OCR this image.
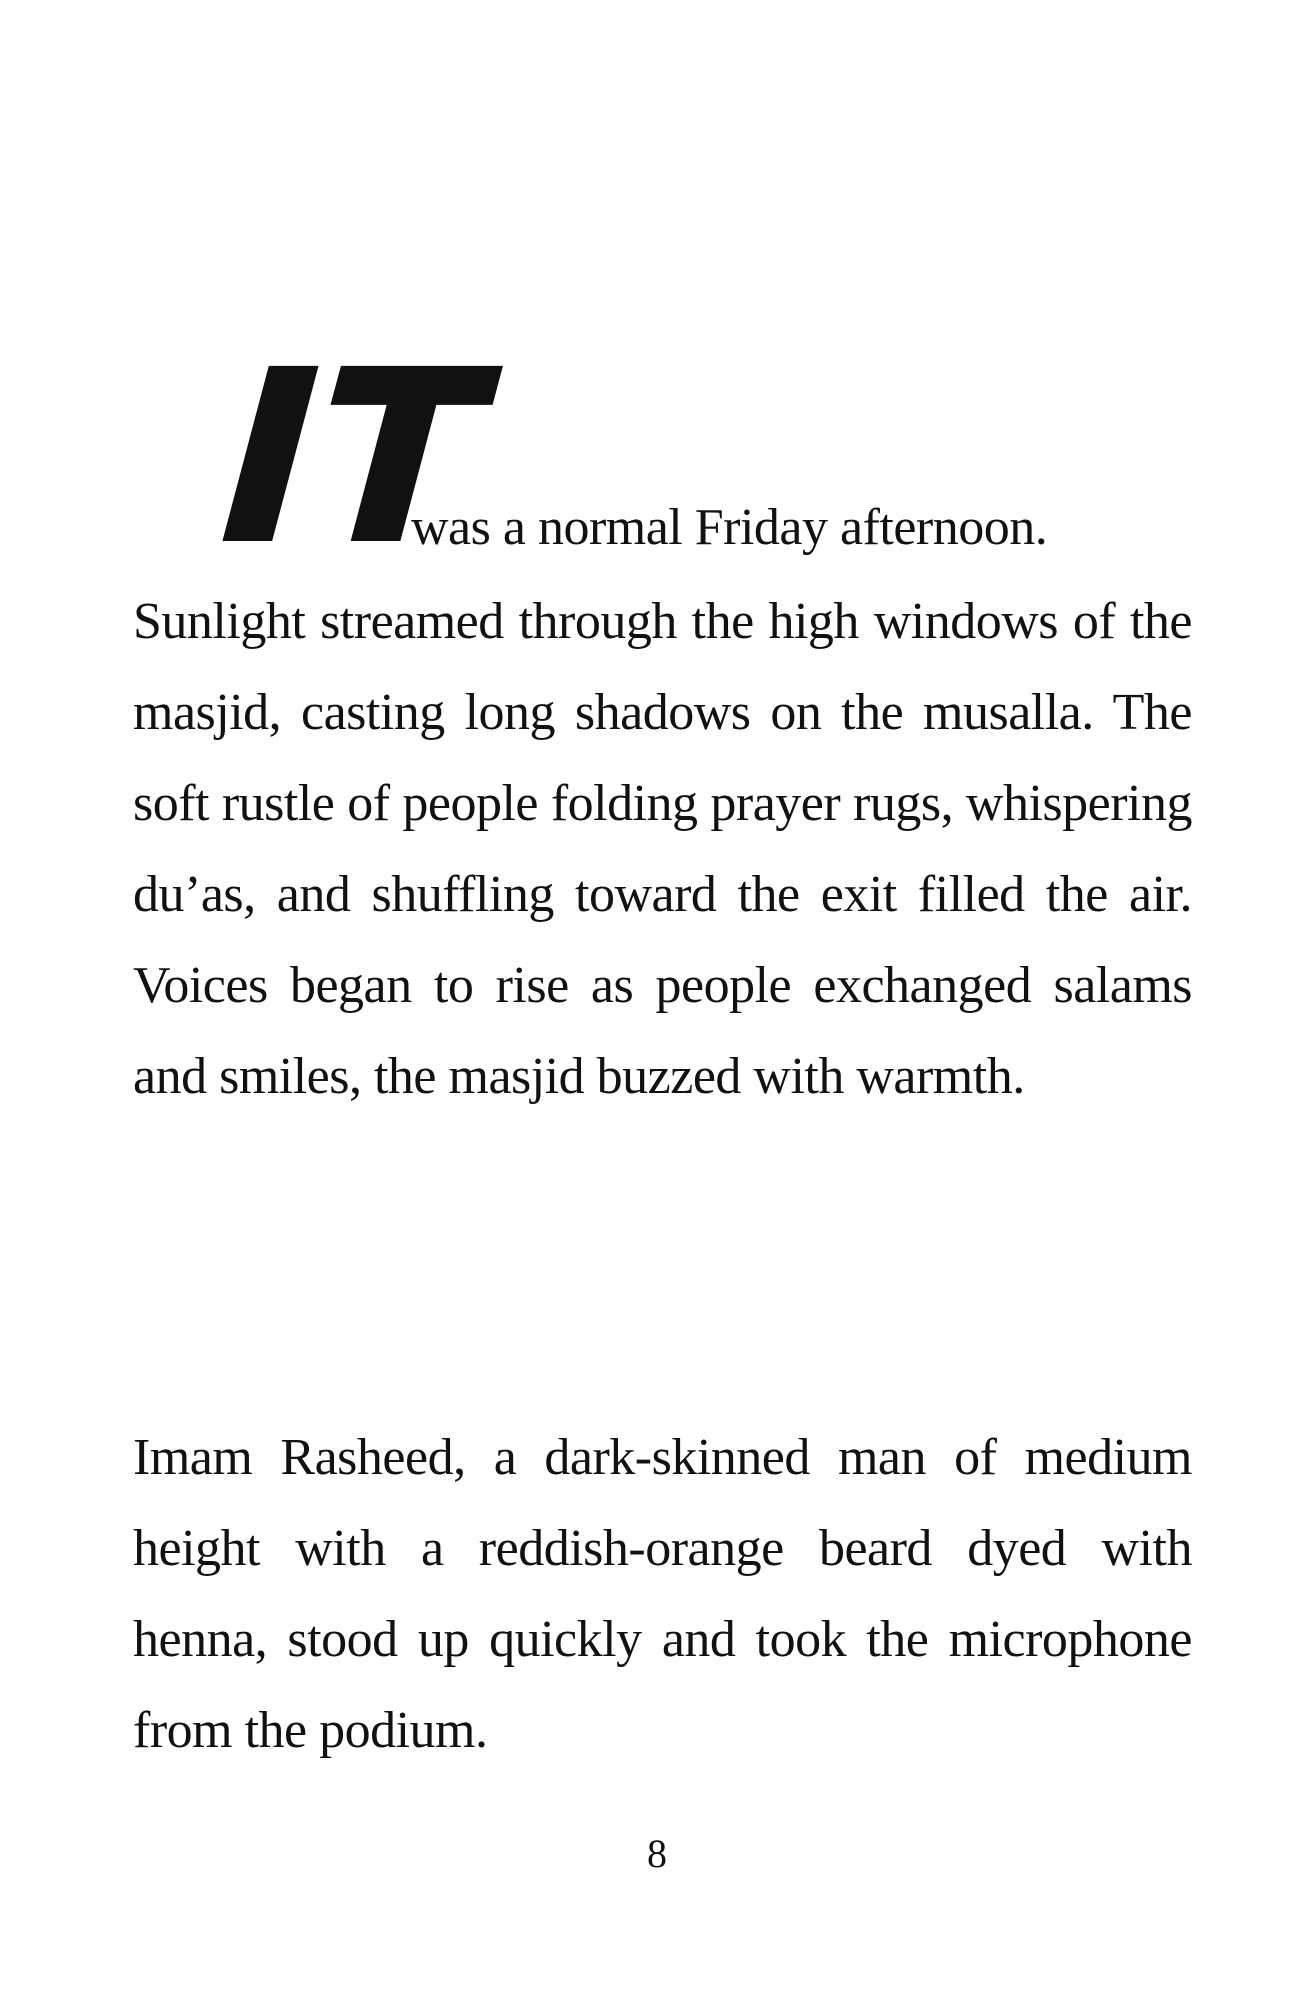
IT
was a normal Friday afternoon.
Sunlight streamed through the high windows of the masjid, casting long shadows on the musalla. The soft rustle of people folding prayer rugs, whispering du’as, and shuffling toward the exit filled the air. Voices began to rise as people exchanged salams and smiles, the masjid buzzed with warmth.
Imam Rasheed, a dark-skinned man of medium height with a reddish-orange beard dyed with henna, stood up quickly and took the microphone from the podium.
8
